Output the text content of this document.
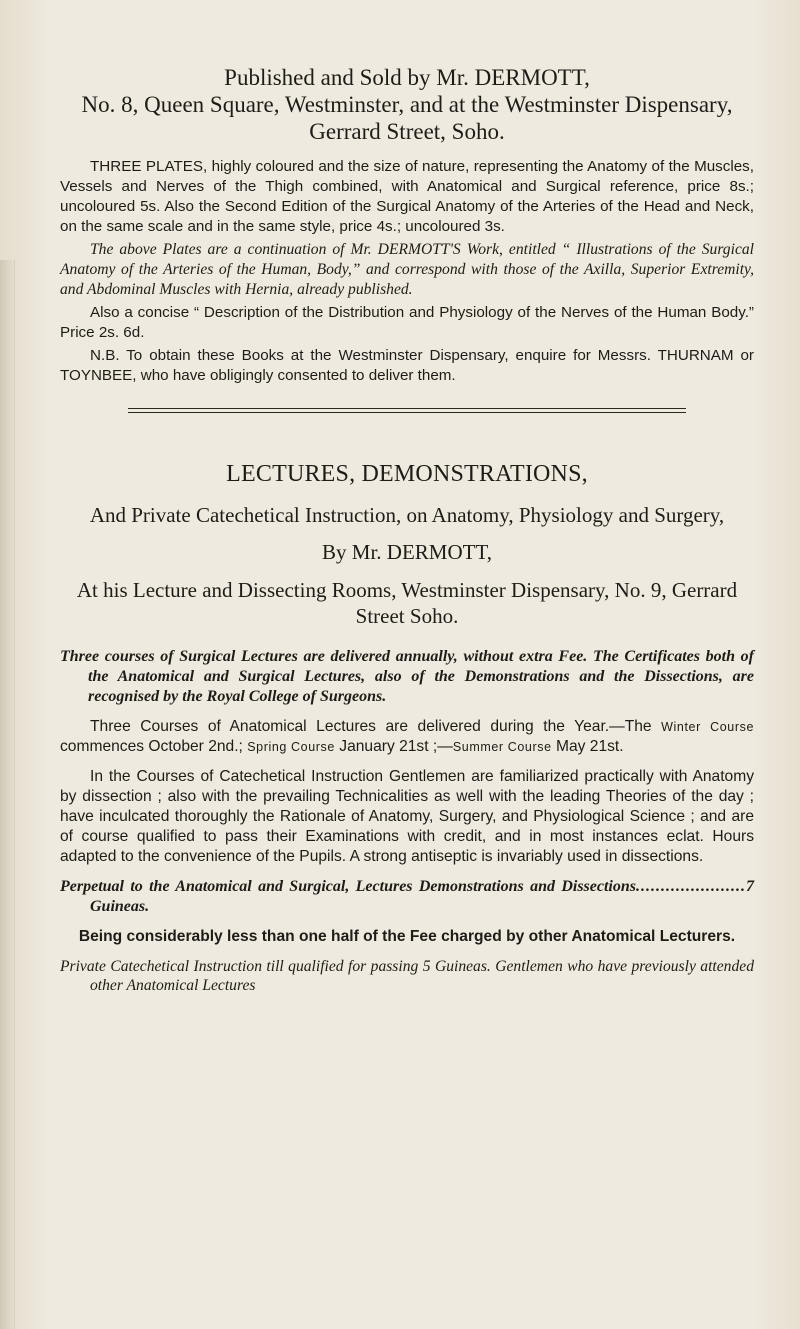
Published and Sold by Mr. DERMOTT,

No. 8, Queen Square, Westminster, and at the Westminster Dispensary, Gerrard Street, Soho.

THREE PLATES, highly coloured and the size of nature, representing the Anatomy of the Muscles, Vessels and Nerves of the Thigh combined, with Anatomical and Surgical reference, price 8s.; uncoloured 5s. Also the Second Edition of the Surgical Anatomy of the Arteries of the Head and Neck, on the same scale and in the same style, price 4s.; uncoloured 3s.

The above Plates are a continuation of Mr. DERMOTT'S Work, entitled “ Illustrations of the Surgical Anatomy of the Arteries of the Human, Body,” and correspond with those of the Axilla, Superior Extremity, and Abdominal Muscles with Hernia, already published.

Also a concise “ Description of the Distribution and Physiology of the Nerves of the Human Body.” Price 2s. 6d.

N.B. To obtain these Books at the Westminster Dispensary, enquire for Messrs. THURNAM or TOYNBEE, who have obligingly consented to deliver them.

LECTURES, DEMONSTRATIONS,

And Private Catechetical Instruction, on Anatomy, Physiology and Surgery,

By Mr. DERMOTT,

At his Lecture and Dissecting Rooms, Westminster Dispensary, No. 9, Gerrard Street Soho.

Three courses of Surgical Lectures are delivered annually, without extra Fee. The Certificates both of the Anatomical and Surgical Lectures, also of the Demonstrations and the Dissections, are recognised by the Royal College of Surgeons.

Three Courses of Anatomical Lectures are delivered during the Year.—The Winter Course commences October 2nd.; Spring Course January 21st ;—Summer Course May 21st.

In the Courses of Catechetical Instruction Gentlemen are familiarized practically with Anatomy by dissection ; also with the prevailing Technicalities as well with the leading Theories of the day ; have inculcated thoroughly the Rationale of Anatomy, Surgery, and Physiological Science ; and are of course qualified to pass their Examinations with credit, and in most instances eclat. Hours adapted to the convenience of the Pupils. A strong antiseptic is invariably used in dissections.

Perpetual to the Anatomical and Surgical, Lectures Demonstrations and Dissections......................7 Guineas.

Being considerably less than one half of the Fee charged by other Anatomical Lecturers.

Private Catechetical Instruction till qualified for passing 5 Guineas. Gentlemen who have previously attended other Anatomical Lectures
